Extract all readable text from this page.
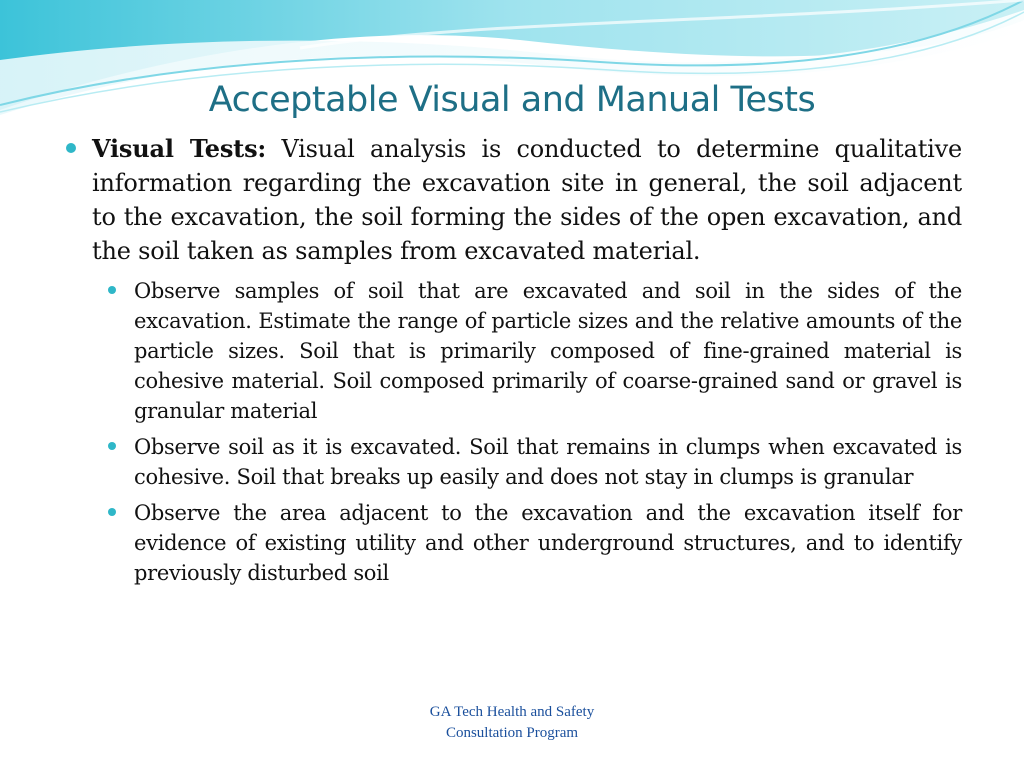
Acceptable Visual and Manual Tests

Visual Tests: Visual analysis is conducted to determine qualitative information regarding the excavation site in general, the soil adjacent to the excavation, the soil forming the sides of the open excavation, and the soil taken as samples from excavated material.

Observe samples of soil that are excavated and soil in the sides of the excavation. Estimate the range of particle sizes and the relative amounts of the particle sizes. Soil that is primarily composed of fine-grained material is cohesive material. Soil composed primarily of coarse-grained sand or gravel is granular material

Observe soil as it is excavated. Soil that remains in clumps when excavated is cohesive. Soil that breaks up easily and does not stay in clumps is granular

Observe the area adjacent to the excavation and the excavation itself for evidence of existing utility and other underground structures, and to identify previously disturbed soil

GA Tech Health and Safety
Consultation Program
